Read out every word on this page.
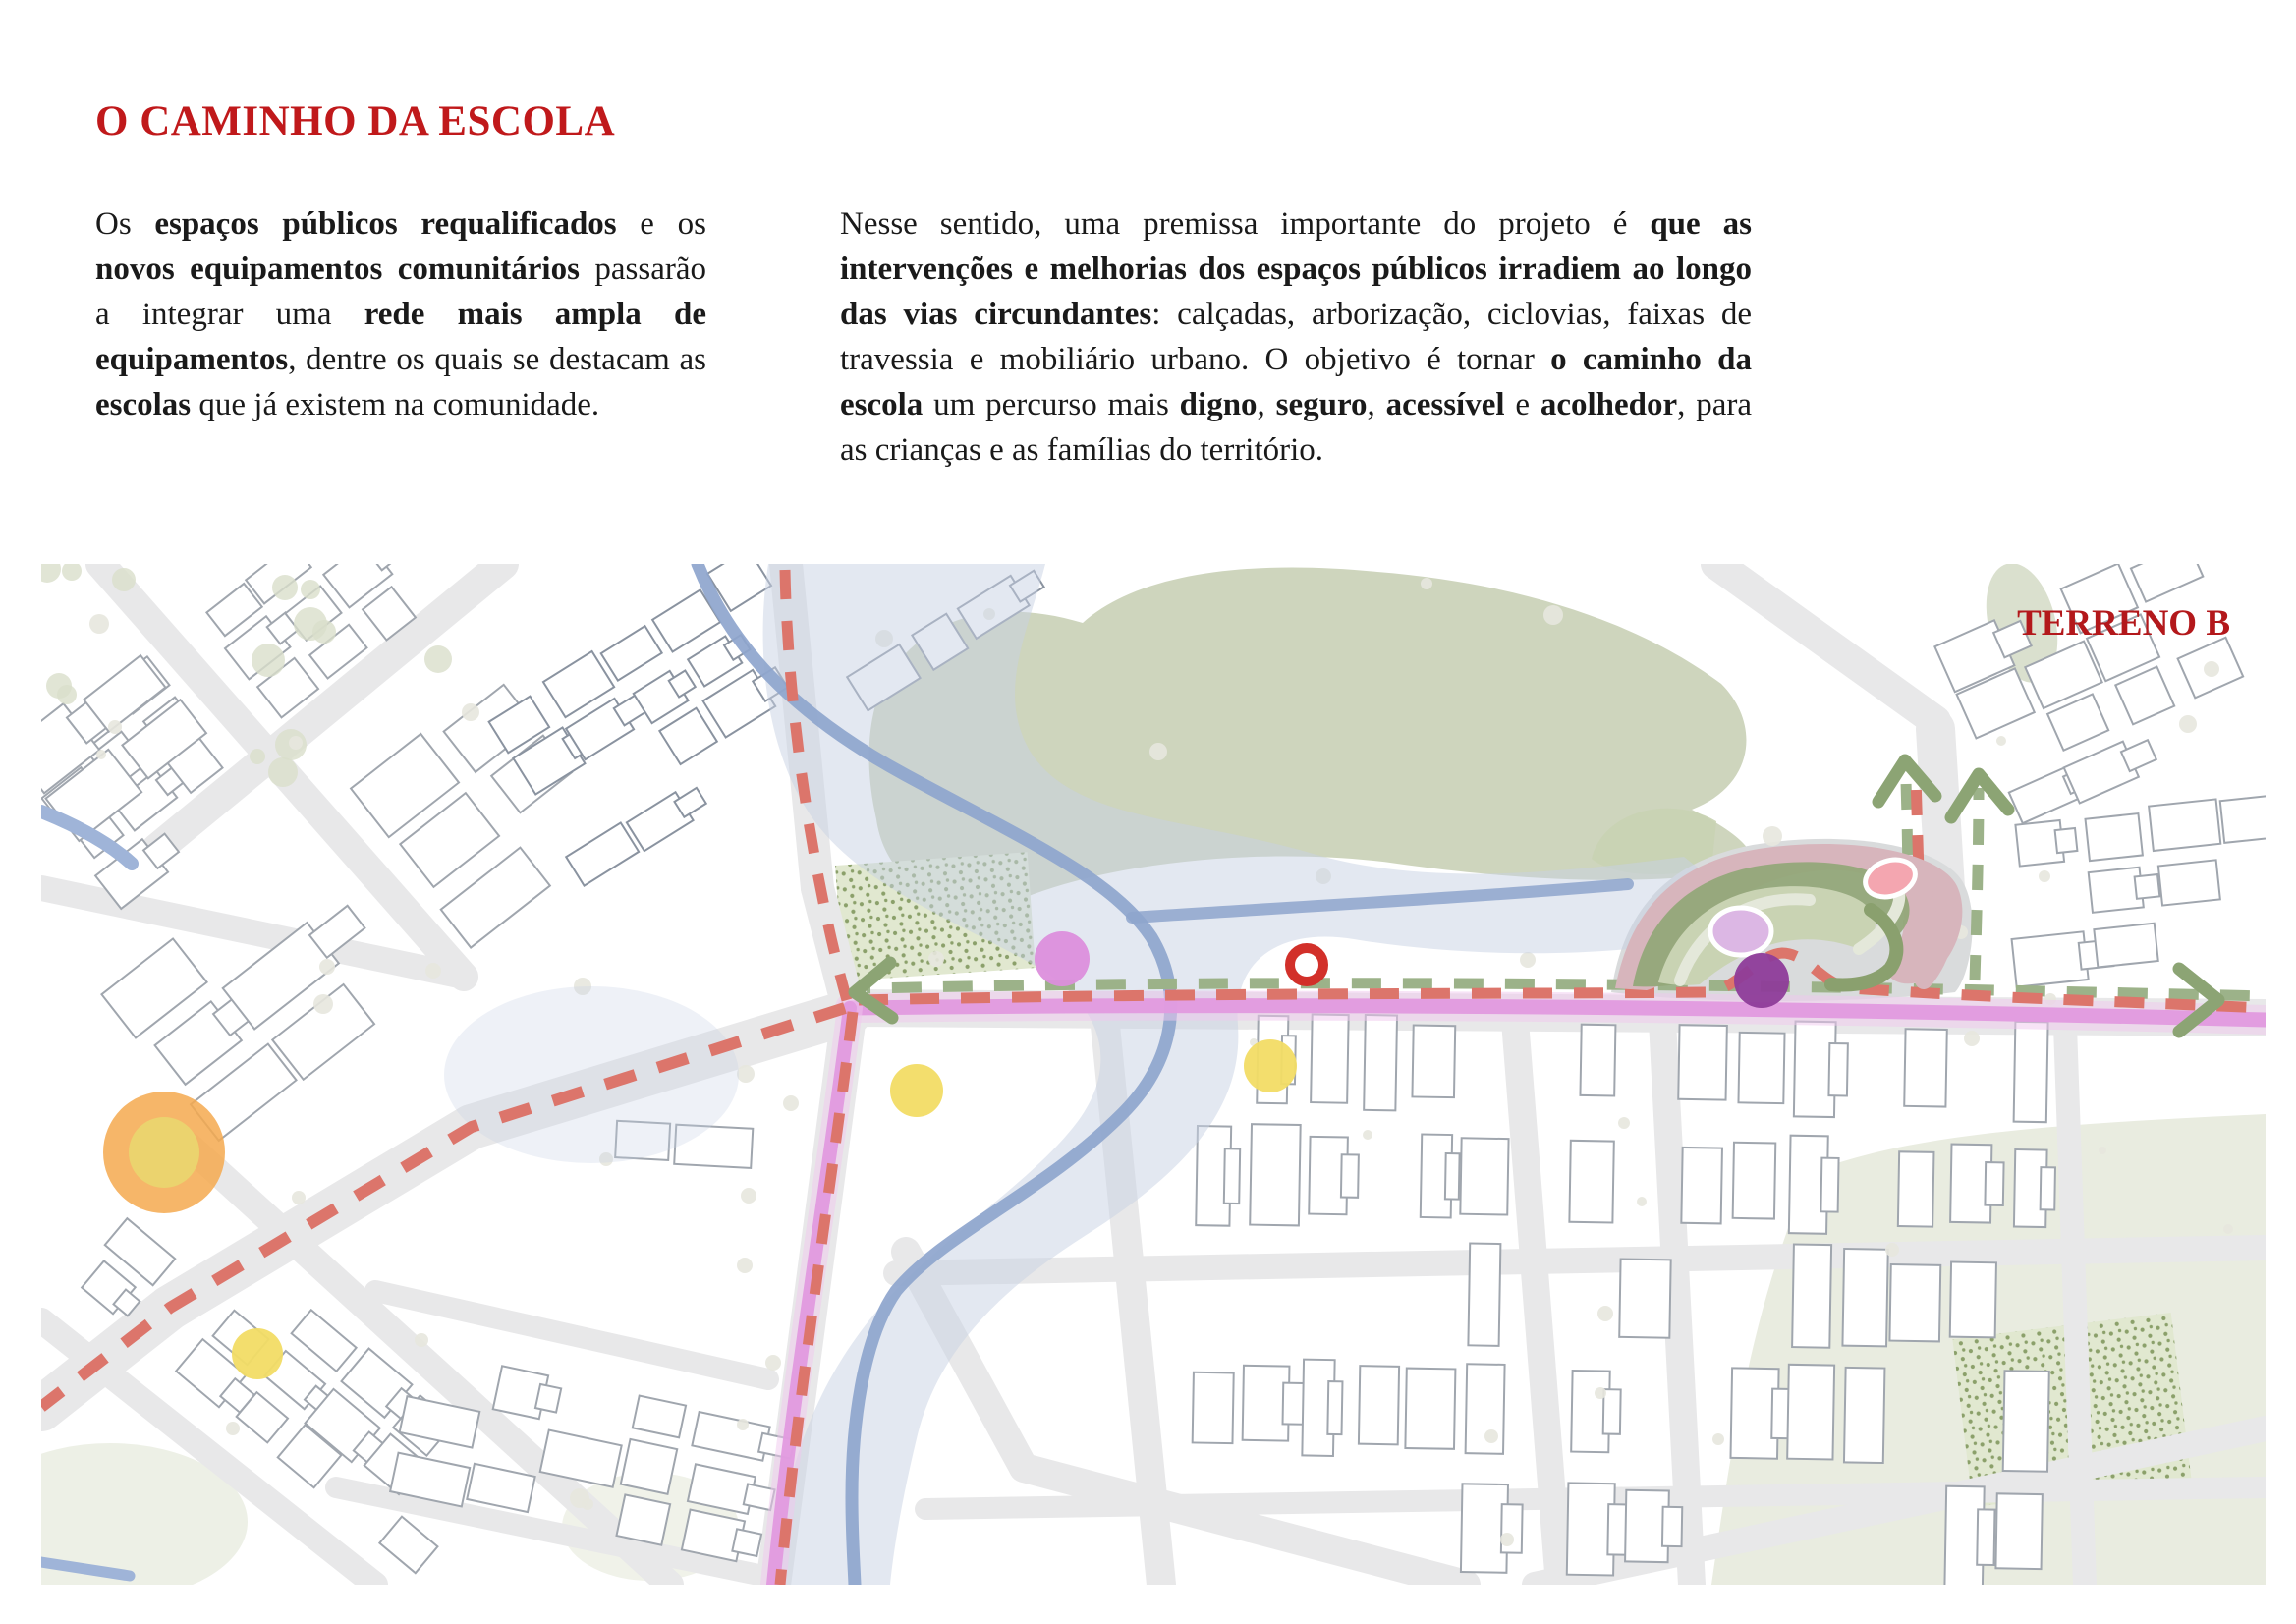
O CAMINHO DA ESCOLA

Os espaços públicos requalificados e os novos equipamentos comunitários passarão a integrar uma rede mais ampla de equipamentos, dentre os quais se destacam as escolas que já existem na comunidade.

Nesse sentido, uma premissa importante do projeto é que as intervenções e melhorias dos espaços públicos irradiem ao longo das vias circundantes: calçadas, arborização, ciclovias, faixas de travessia e mobiliário urbano. O objetivo é tornar o caminho da escola um percurso mais digno, seguro, acessível e acolhedor, para as crianças e as famílias do território.

TERRENO B
